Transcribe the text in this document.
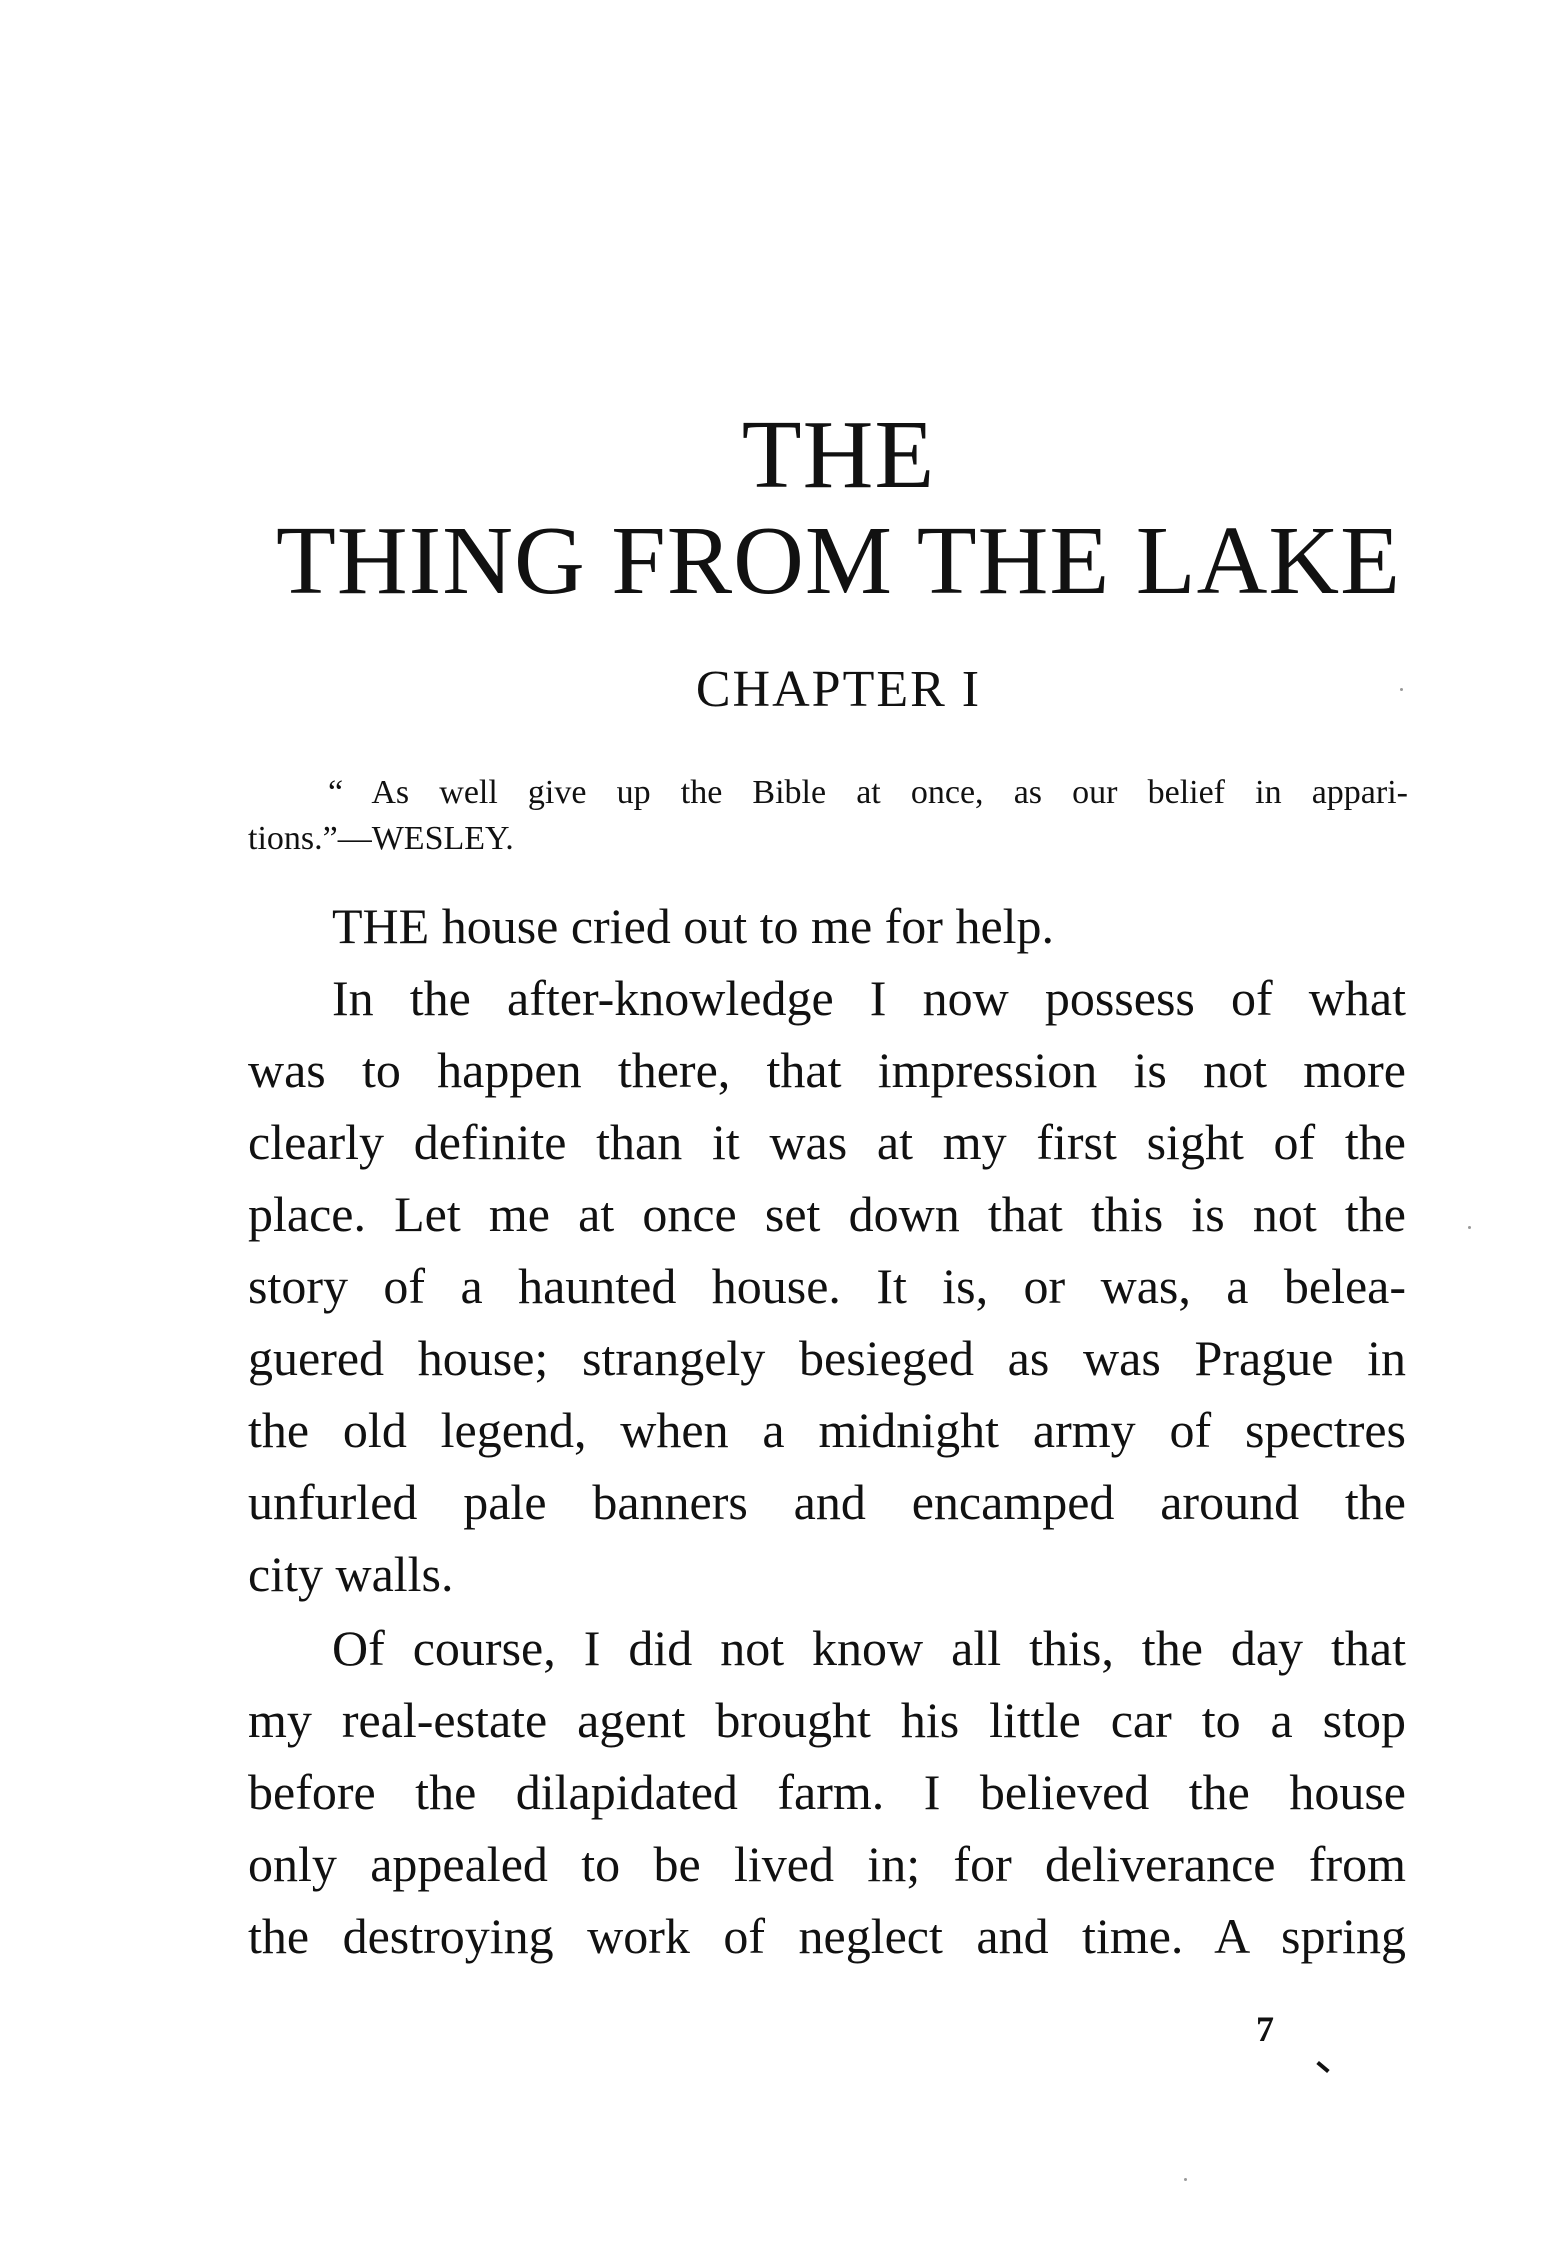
THE
THING FROM THE LAKE
CHAPTER I
“ As well give up the Bible at once, as our belief in appari-
tions.”—WESLEY.
THE house cried out to me for help.
In the after-knowledge I now possess of what
was to happen there, that impression is not more
clearly definite than it was at my first sight of the
place. Let me at once set down that this is not the
story of a haunted house. It is, or was, a belea-
guered house; strangely besieged as was Prague in
the old legend, when a midnight army of spectres
unfurled pale banners and encamped around the
city walls.
Of course, I did not know all this, the day that
my real-estate agent brought his little car to a stop
before the dilapidated farm. I believed the house
only appealed to be lived in; for deliverance from
the destroying work of neglect and time. A spring
7
